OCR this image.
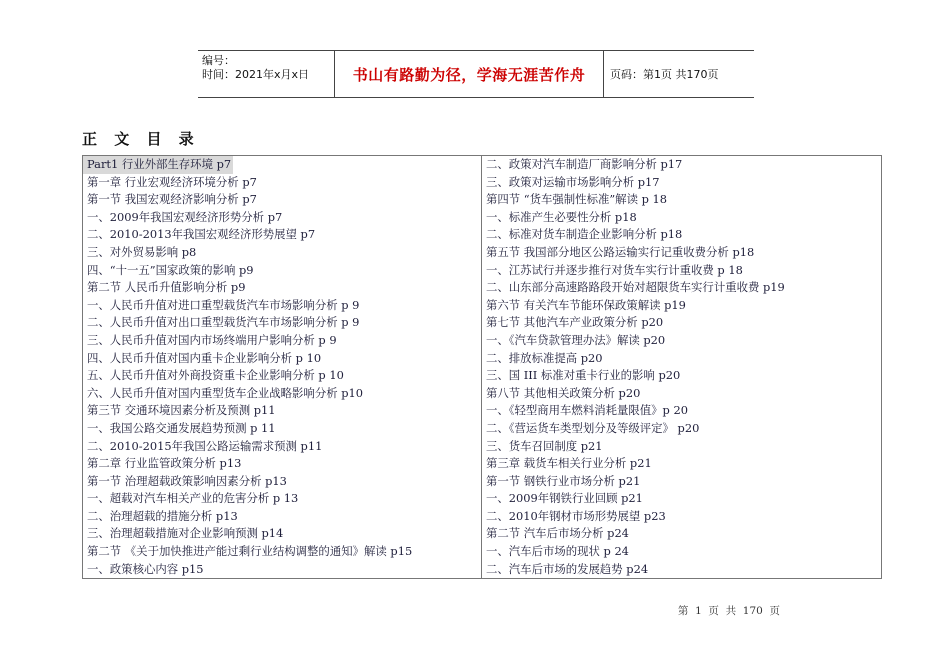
编号：
时间：2021年x月x日	书山有路勤为径，学海无涯苦作舟	页码：第1页 共170页
正 文 目 录
Part1 行业外部生存环境 p7
第一章 行业宏观经济环境分析 p7
第一节 我国宏观经济影响分析 p7
一、2009年我国宏观经济形势分析 p7
二、2010-2013年我国宏观经济形势展望 p7
三、对外贸易影响 p8
四、“十一五”国家政策的影响 p9
第二节 人民币升值影响分析 p9
一、人民币升值对进口重型载货汽车市场影响分析 p 9
二、人民币升值对出口重型载货汽车市场影响分析 p 9
三、人民币升值对国内市场终端用户影响分析 p 9
四、人民币升值对国内重卡企业影响分析 p 10
五、人民币升值对外商投资重卡企业影响分析 p 10
六、人民币升值对国内重型货车企业战略影响分析 p10
第三节 交通环境因素分析及预测 p11
一、我国公路交通发展趋势预测 p 11
二、2010-2015年我国公路运输需求预测 p11
第二章 行业监管政策分析 p13
第一节 治理超载政策影响因素分析 p13
一、超载对汽车相关产业的危害分析 p 13
二、治理超载的措施分析 p13
三、治理超载措施对企业影响预测 p14
第二节 《关于加快推进产能过剩行业结构调整的通知》解读 p15
一、政策核心内容 p15
二、政策对汽车制造厂商影响分析 p17
三、政策对运输市场影响分析 p17
第四节 “货车强制性标准”解读 p 18
一、标准产生必要性分析 p18
二、标准对货车制造企业影响分析 p18
第五节 我国部分地区公路运输实行记重收费分析 p18
一、江苏试行并逐步推行对货车实行计重收费 p 18
二、山东部分高速路路段开始对超限货车实行计重收费 p19
第六节 有关汽车节能环保政策解读 p19
第七节 其他汽车产业政策分析 p20
一、《汽车贷款管理办法》解读 p20
二、排放标准提高 p20
三、国 III 标准对重卡行业的影响 p20
第八节 其他相关政策分析 p20
一、《轻型商用车燃料消耗量限值》p 20
二、《营运货车类型划分及等级评定》 p20
三、货车召回制度 p21
第三章 载货车相关行业分析 p21
第一节 钢铁行业市场分析 p21
一、2009年钢铁行业回顾 p21
二、2010年钢材市场形势展望 p23
第二节 汽车后市场分析 p24
一、汽车后市场的现状 p 24
二、汽车后市场的发展趋势 p24
第  1  页  共  170  页
